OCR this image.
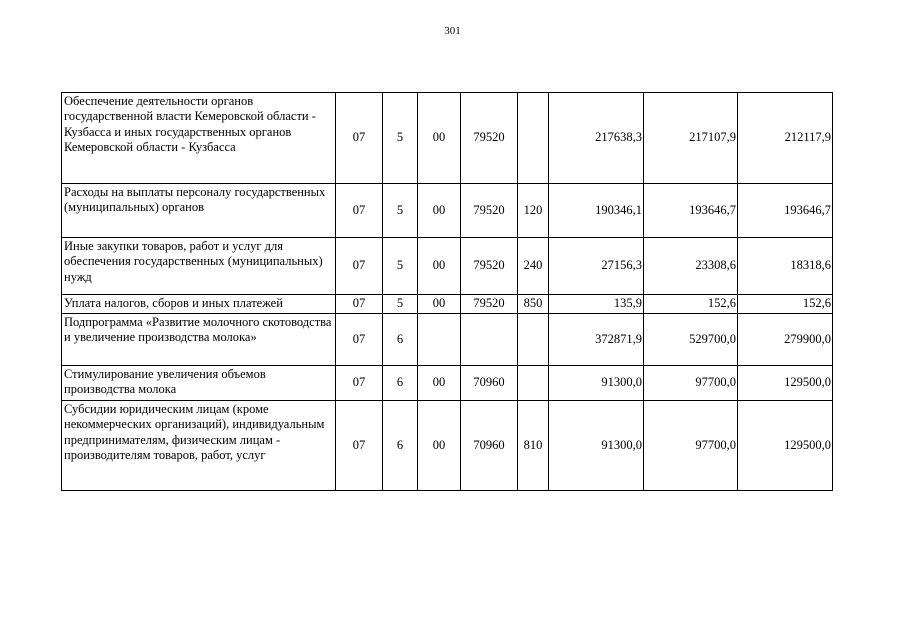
301
Обеспечение деятельности органов государственной власти Кемеровской области - Кузбасса и иных государственных органов Кемеровской области - Кузбасса	07	5	00	79520		217638,3	217107,9	212117,9
Расходы на выплаты персоналу государственных (муниципальных) органов	07	5	00	79520	120	190346,1	193646,7	193646,7
Иные закупки товаров, работ и услуг для обеспечения государственных (муниципальных) нужд	07	5	00	79520	240	27156,3	23308,6	18318,6
Уплата налогов, сборов и иных платежей	07	5	00	79520	850	135,9	152,6	152,6
Подпрограмма «Развитие молочного скотоводства и увеличение производства молока»	07	6				372871,9	529700,0	279900,0
Стимулирование увеличения объемов производства молока	07	6	00	70960		91300,0	97700,0	129500,0
Субсидии юридическим лицам (кроме некоммерческих организаций), индивидуальным предпринимателям, физическим лицам - производителям товаров, работ, услуг	07	6	00	70960	810	91300,0	97700,0	129500,0
